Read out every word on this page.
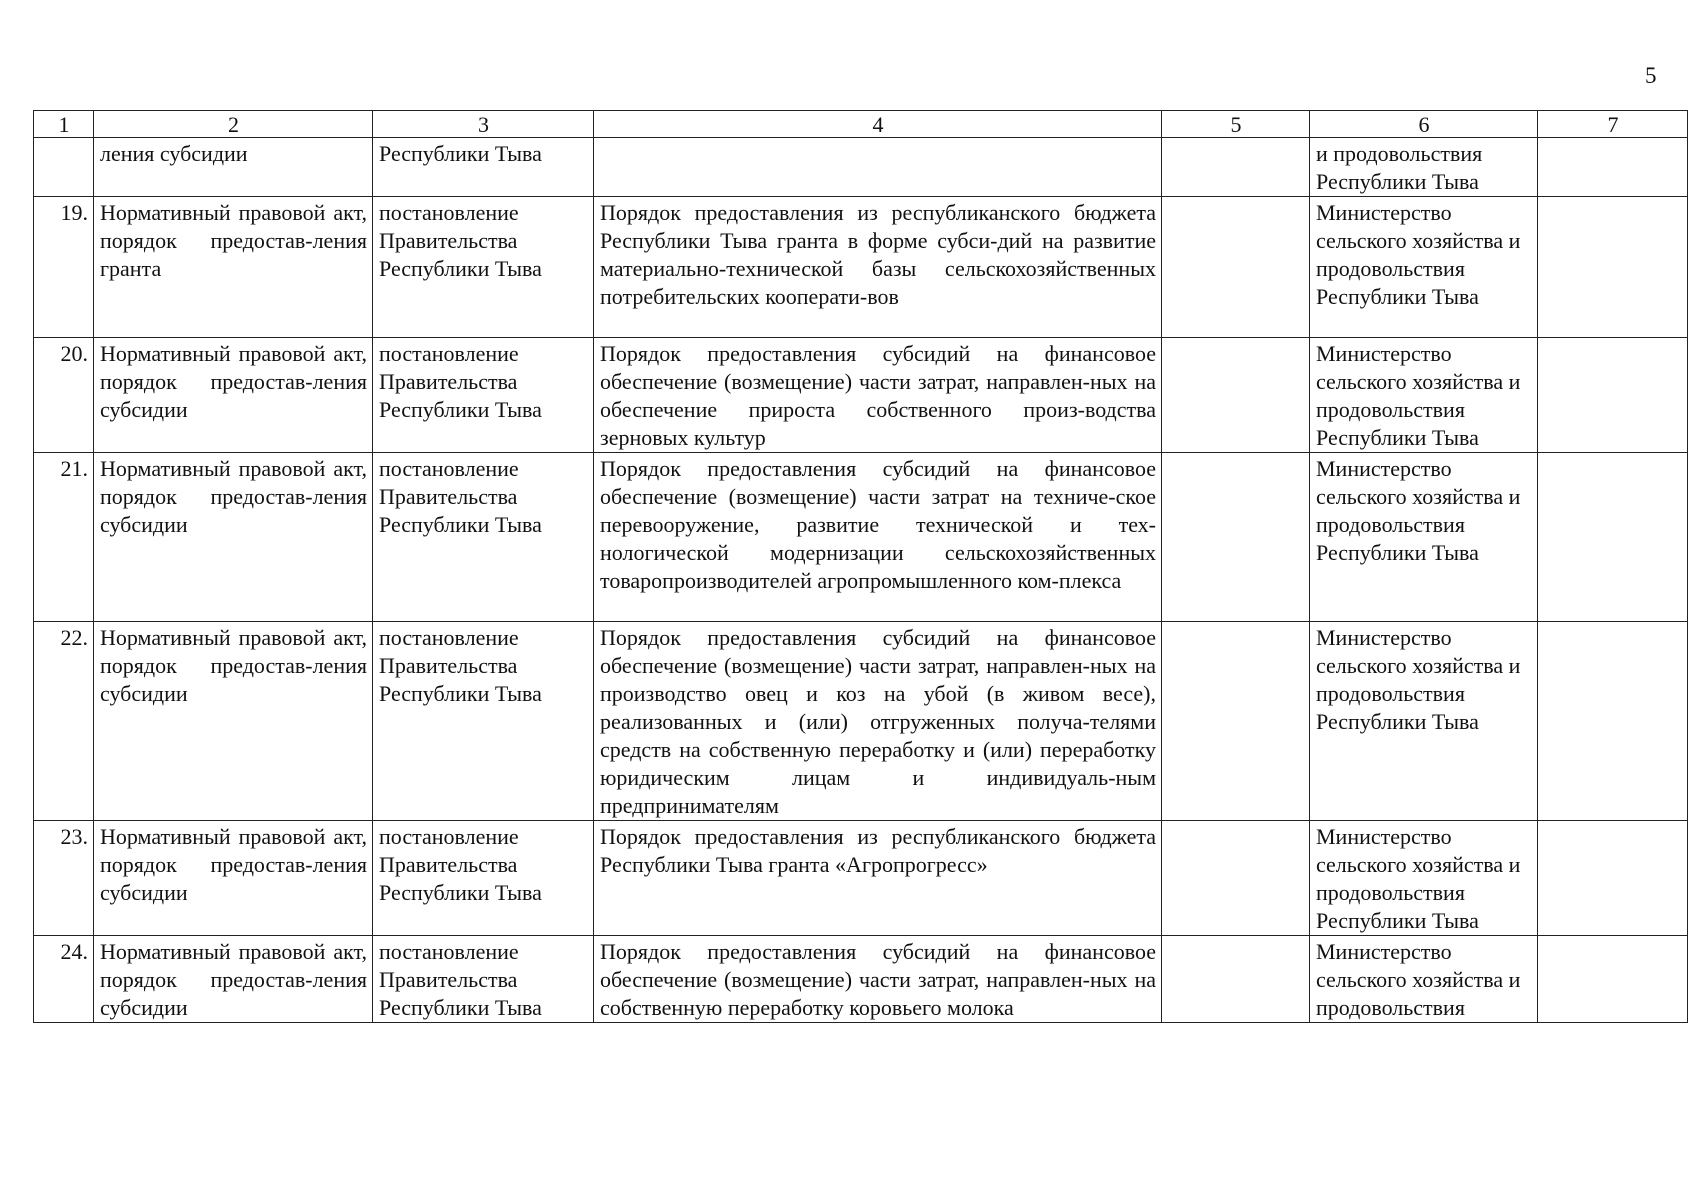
5
1	2	3	4	5	6	7
	ления субсидии	Республики Тыва			и продовольствия Республики Тыва	
19.	Нормативный правовой акт, порядок предостав-ления гранта	постановление Правительства Республики Тыва	Порядок предоставления из республиканского бюджета Республики Тыва гранта в форме субси-дий на развитие материально-технической базы сельскохозяйственных потребительских кооперати-вов		Министерство сельского хозяйства и продовольствия Республики Тыва	
20.	Нормативный правовой акт, порядок предостав-ления субсидии	постановление Правительства Республики Тыва	Порядок предоставления субсидий на финансовое обеспечение (возмещение) части затрат, направлен-ных на обеспечение прироста собственного произ-водства зерновых культур		Министерство сельского хозяйства и продовольствия Республики Тыва	
21.	Нормативный правовой акт, порядок предостав-ления субсидии	постановление Правительства Республики Тыва	Порядок предоставления субсидий на финансовое обеспечение (возмещение) части затрат на техниче-ское перевооружение, развитие технической и тех-нологической модернизации сельскохозяйственных товаропроизводителей агропромышленного ком-плекса		Министерство сельского хозяйства и продовольствия Республики Тыва	
22.	Нормативный правовой акт, порядок предостав-ления субсидии	постановление Правительства Республики Тыва	Порядок предоставления субсидий на финансовое обеспечение (возмещение) части затрат, направлен-ных на производство овец и коз на убой (в живом весе), реализованных и (или) отгруженных получа-телями средств на собственную переработку и (или) переработку юридическим лицам и индивидуаль-ным предпринимателям		Министерство сельского хозяйства и продовольствия Республики Тыва	
23.	Нормативный правовой акт, порядок предостав-ления субсидии	постановление Правительства Республики Тыва	Порядок предоставления из республиканского бюджета Республики Тыва гранта «Агропрогресс»		Министерство сельского хозяйства и продовольствия Республики Тыва	
24.	Нормативный правовой акт, порядок предостав-ления субсидии	постановление Правительства Республики Тыва	Порядок предоставления субсидий на финансовое обеспечение (возмещение) части затрат, направлен-ных на собственную переработку коровьего молока		Министерство сельского хозяйства и продовольствия	
